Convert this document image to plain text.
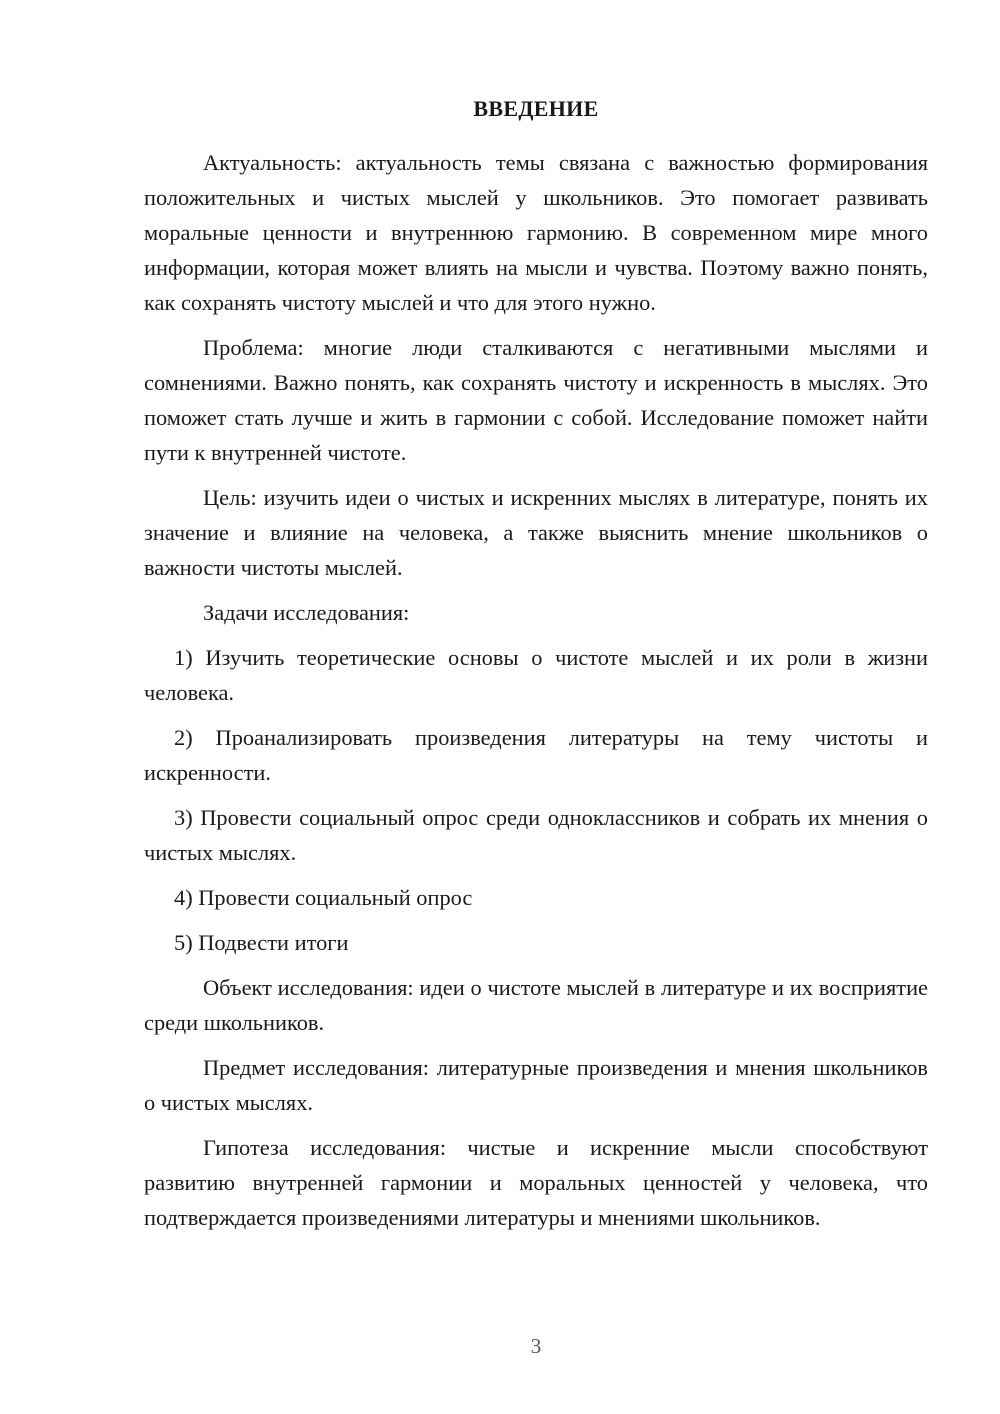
ВВЕДЕНИЕ

Актуальность: актуальность темы связана с важностью формирования положительных и чистых мыслей у школьников. Это помогает развивать моральные ценности и внутреннюю гармонию. В современном мире много информации, которая может влиять на мысли и чувства. Поэтому важно понять, как сохранять чистоту мыслей и что для этого нужно.

Проблема: многие люди сталкиваются с негативными мыслями и сомнениями. Важно понять, как сохранять чистоту и искренность в мыслях. Это поможет стать лучше и жить в гармонии с собой. Исследование поможет найти пути к внутренней чистоте.

Цель: изучить идеи о чистых и искренних мыслях в литературе, понять их значение и влияние на человека, а также выяснить мнение школьников о важности чистоты мыслей.

Задачи исследования:

1) Изучить теоретические основы о чистоте мыслей и их роли в жизни человека.

2) Проанализировать произведения литературы на тему чистоты и искренности.

3) Провести социальный опрос среди одноклассников и собрать их мнения о чистых мыслях.

4) Провести социальный опрос

5) Подвести итоги

Объект исследования: идеи о чистоте мыслей в литературе и их восприятие среди школьников.

Предмет исследования: литературные произведения и мнения школьников о чистых мыслях.

Гипотеза исследования: чистые и искренние мысли способствуют развитию внутренней гармонии и моральных ценностей у человека, что подтверждается произведениями литературы и мнениями школьников.

3
